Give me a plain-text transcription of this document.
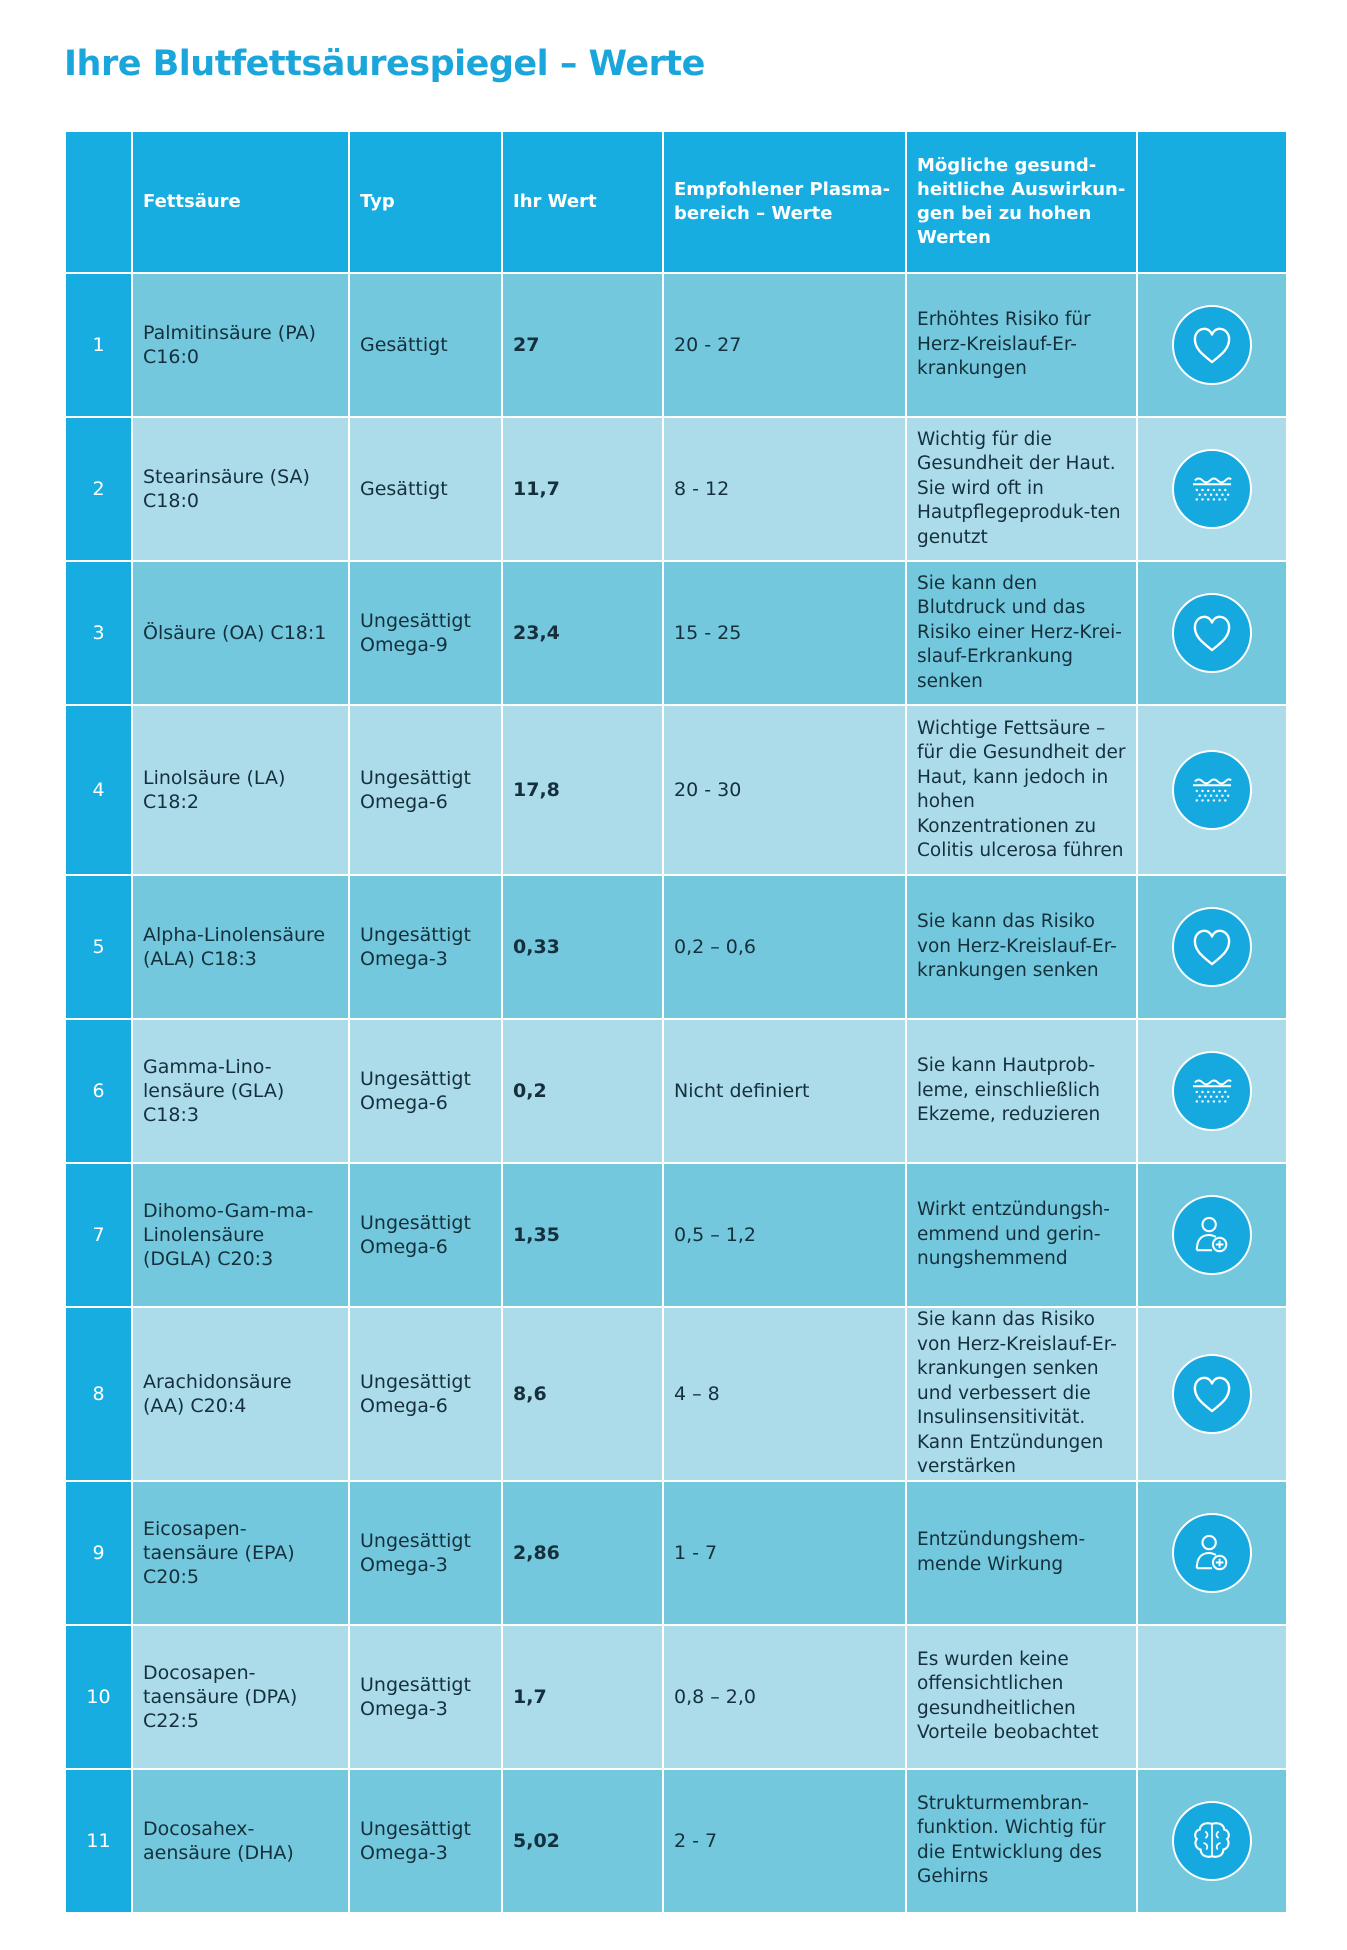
Ihre Blutfettsäurespiegel – Werte
	Fettsäure	Typ	Ihr Wert	Empfohlener Plasma-bereich – Werte	Mögliche gesund-heitliche Auswirkun-gen bei zu hohen Werten	
1	Palmitinsäure (PA) C16:0	Gesättigt	27	20 - 27	Erhöhtes Risiko für Herz-Kreislauf-Er-krankungen	

2	Stearinsäure (SA) C18:0	Gesättigt	11,7	8 - 12	Wichtig für die Gesundheit der Haut. Sie wird oft in Hautpflegeproduk-ten genutzt	

3	Ölsäure (OA) C18:1	Ungesättigt Omega-9	23,4	15 - 25	Sie kann den Blutdruck und das Risiko einer Herz-Krei-slauf-Erkrankung senken	

4	Linolsäure (LA) C18:2	Ungesättigt Omega-6	17,8	20 - 30	Wichtige Fettsäure – für die Gesundheit der Haut, kann jedoch in hohen Konzentrationen zu Colitis ulcerosa führen	

5	Alpha-Linolensäure (ALA) C18:3	Ungesättigt Omega-3	0,33	0,2 – 0,6	Sie kann das Risiko von Herz-Kreislauf-Er-krankungen senken	

6	Gamma-Lino-lensäure (GLA) C18:3	Ungesättigt Omega-6	0,2	Nicht definiert	Sie kann Hautprob-leme, einschließlich Ekzeme, reduzieren	

7	Dihomo-Gam-ma-Linolensäure (DGLA) C20:3	Ungesättigt Omega-6	1,35	0,5 – 1,2	Wirkt entzündungsh-emmend und gerin-nungshemmend	

8	Arachidonsäure (AA) C20:4	Ungesättigt Omega-6	8,6	4 – 8	Sie kann das Risiko von Herz-Kreislauf-Er-krankungen senken und verbessert die Insulinsensitivität. Kann Entzündungen verstärken	

9	Eicosapen-taensäure (EPA) C20:5	Ungesättigt Omega-3	2,86	1 - 7	Entzündungshem-mende Wirkung	

10	Docosapen-taensäure (DPA) C22:5	Ungesättigt Omega-3	1,7	0,8 – 2,0	Es wurden keine offensichtlichen gesundheitlichen Vorteile beobachtet	
11	Docosahex-aensäure (DHA)	Ungesättigt Omega-3	5,02	2 - 7	Strukturmembran-funktion. Wichtig für die Entwicklung des Gehirns	
